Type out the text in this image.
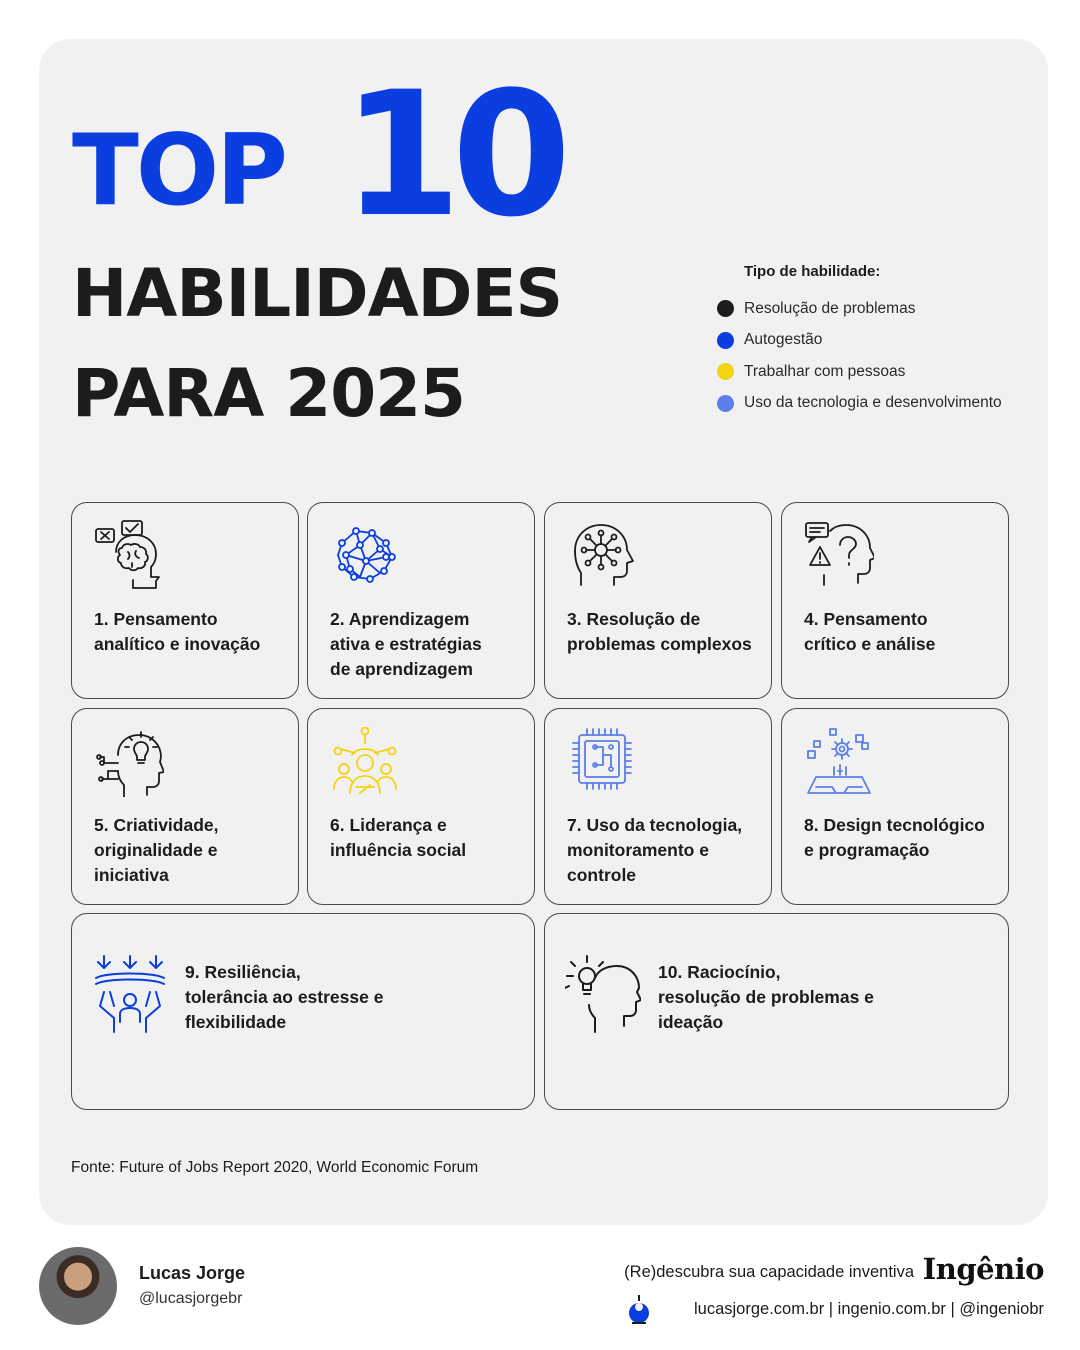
TOP 10
HABILIDADES
PARA 2025
Tipo de habilidade:
Resolução de problemas
Autogestão
Trabalhar com pessoas
Uso da tecnologia e desenvolvimento
1. Pensamento
analítico e inovação
2. Aprendizagem
ativa e estratégias
de aprendizagem
3. Resolução de
problemas complexos
4. Pensamento
crítico e análise
5. Criatividade,
originalidade e
iniciativa
6. Liderança e
influência social
7. Uso da tecnologia,
monitoramento e
controle
8. Design tecnológico
e programação
9. Resiliência,
tolerância ao estresse e
flexibilidade
10. Raciocínio,
resolução de problemas e
ideação
Fonte: Future of Jobs Report 2020, World Economic Forum
Lucas Jorge
@lucasjorgebr
(Re)descubra sua capacidade inventiva Ingênio
lucasjorge.com.br | ingenio.com.br | @ingeniobr
